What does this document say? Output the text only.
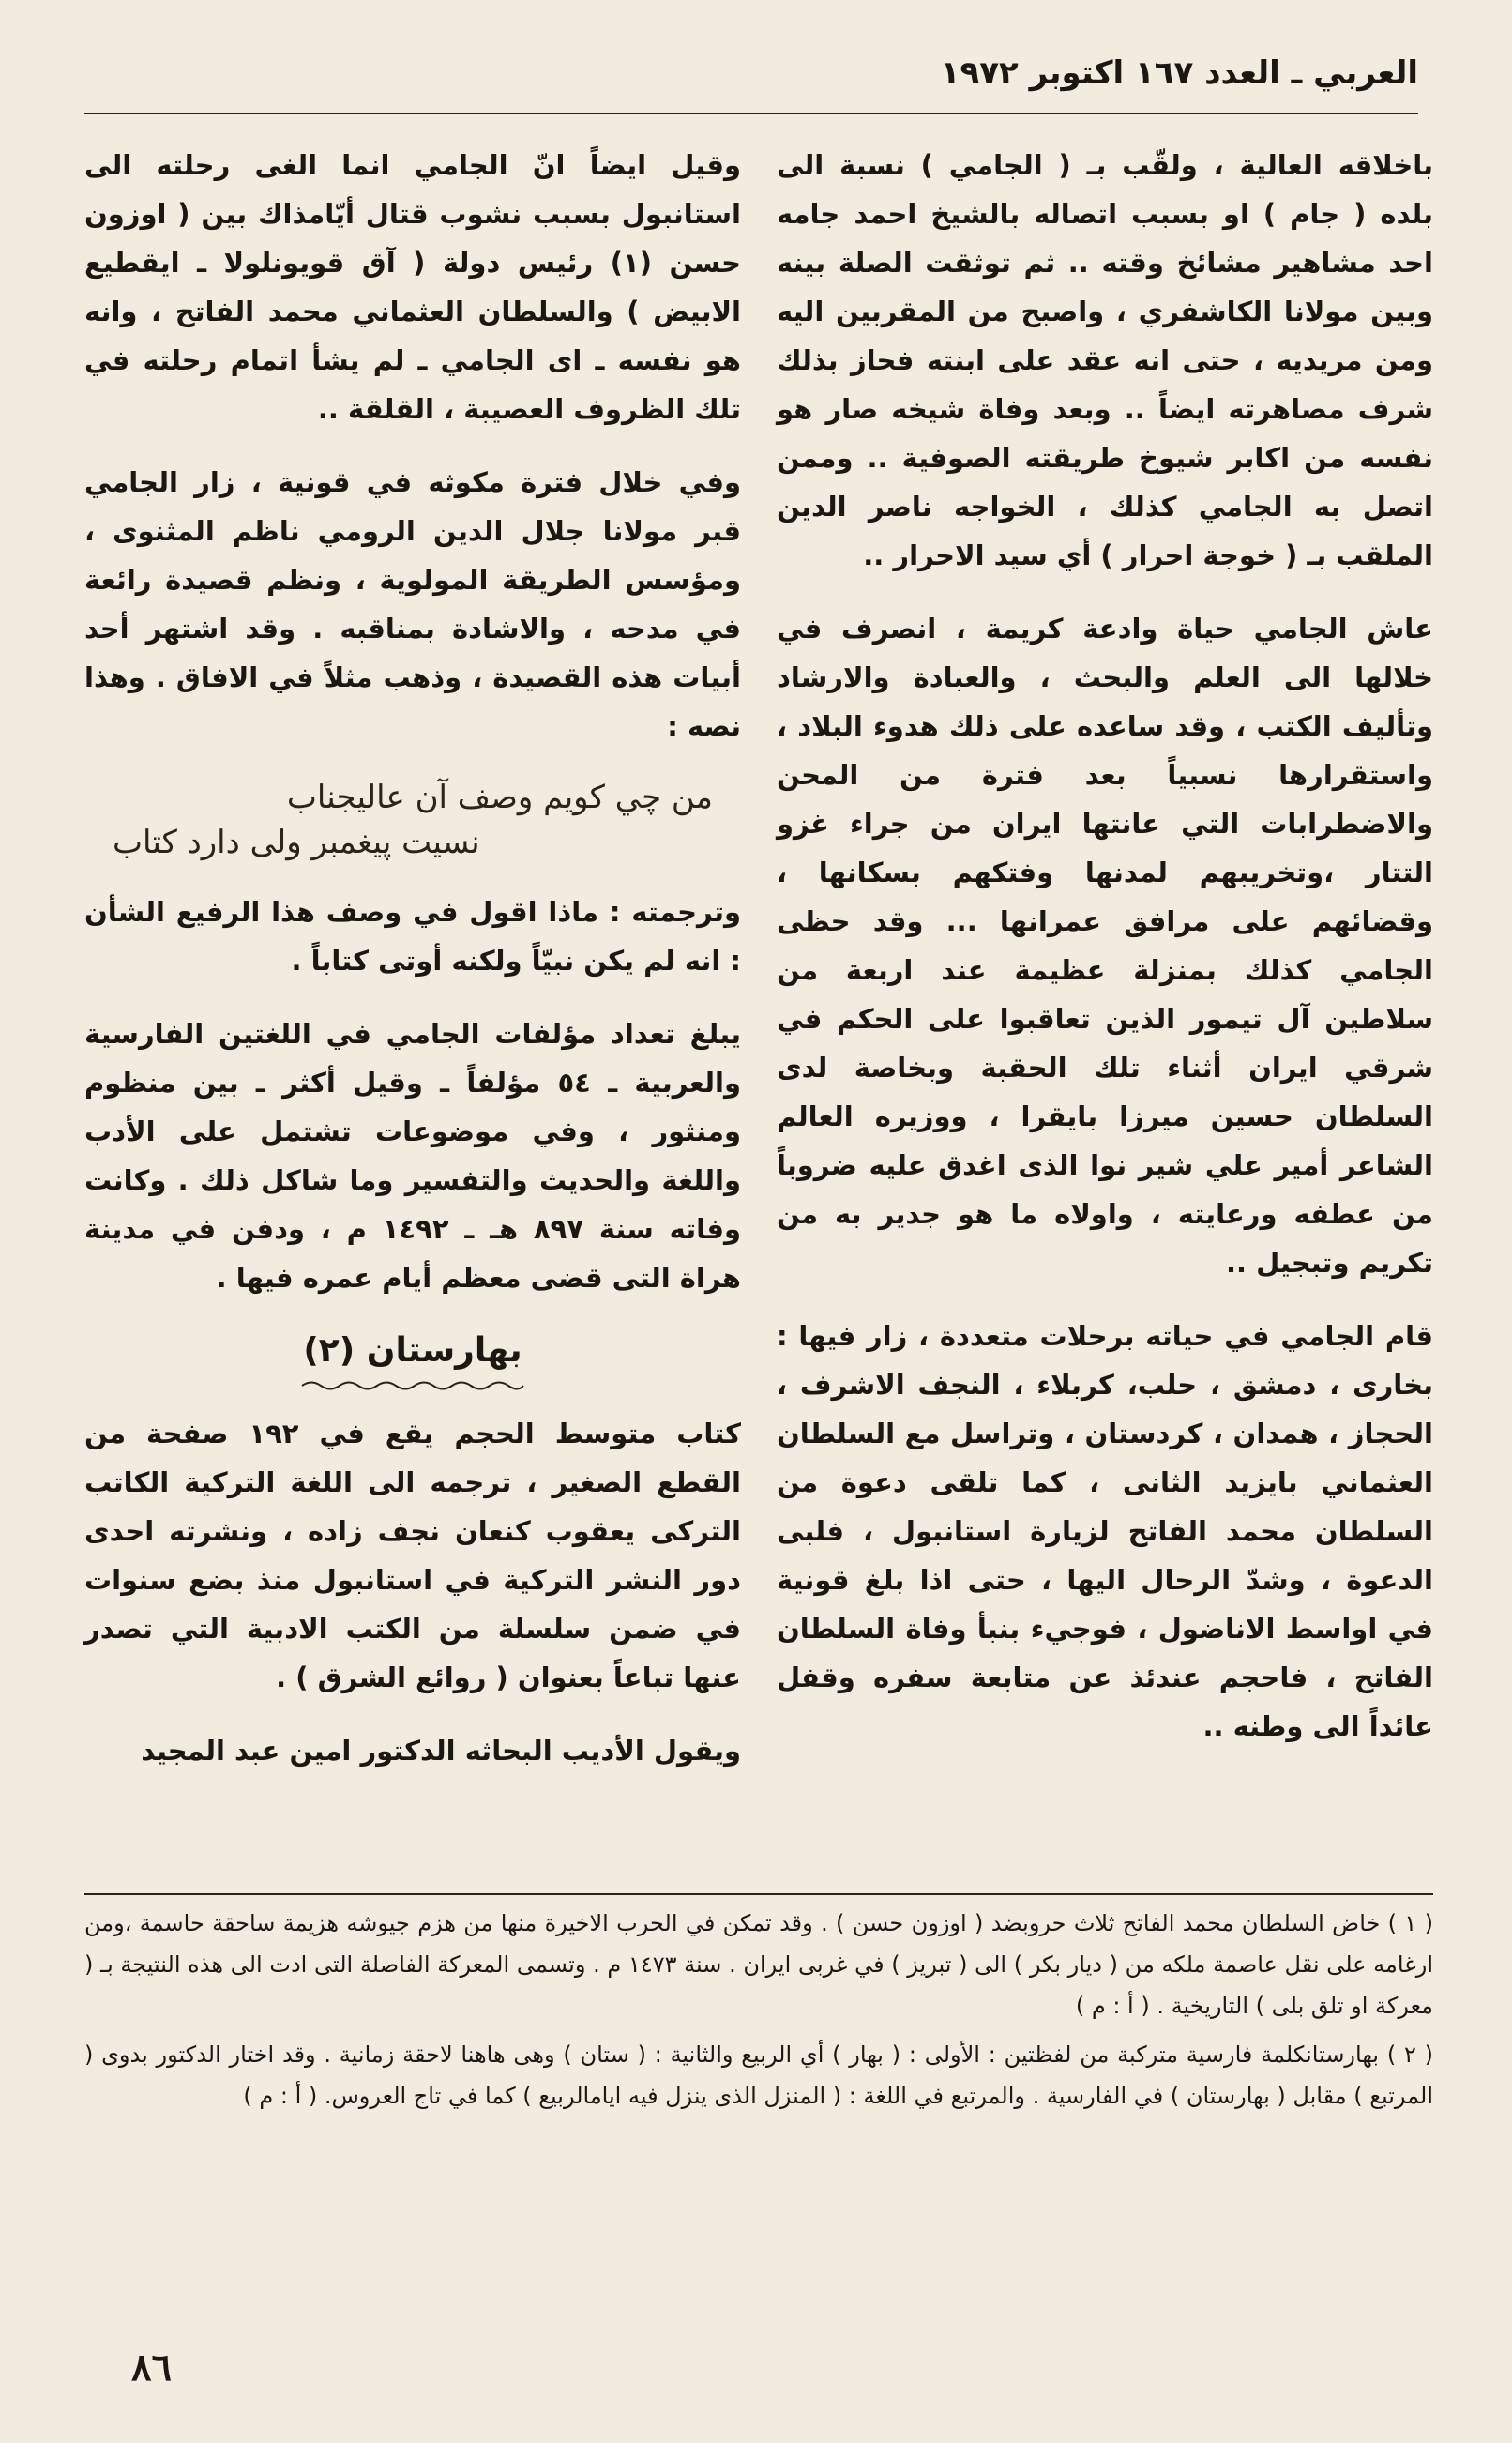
العربي ـ العدد ١٦٧ اكتوبر ١٩٧٢

باخلاقه العالية ، ولقّب بـ ( الجامي ) نسبة الى بلده ( جام ) او بسبب اتصاله بالشيخ احمد جامه احد مشاهير مشائخ وقته .. ثم توثقت الصلة بينه وبين مولانا الكاشفري ، واصبح من المقربين اليه ومن مريديه ، حتى انه عقد على ابنته فحاز بذلك شرف مصاهرته ايضاً .. وبعد وفاة شيخه صار هو نفسه من اكابر شيوخ طريقته الصوفية .. وممن اتصل به الجامي كذلك ، الخواجه ناصر الدين الملقب بـ ( خوجة احرار ) أي سيد الاحرار ..

عاش الجامي حياة وادعة كريمة ، انصرف في خلالها الى العلم والبحث ، والعبادة والارشاد وتأليف الكتب ، وقد ساعده على ذلك هدوء البلاد ، واستقرارها نسبياً بعد فترة من المحن والاضطرابات التي عانتها ايران من جراء غزو التتار ،وتخريبهم لمدنها وفتكهم بسكانها ، وقضائهم على مرافق عمرانها ... وقد حظى الجامي كذلك بمنزلة عظيمة عند اربعة من سلاطين آل تيمور الذين تعاقبوا على الحكم في شرقي ايران أثناء تلك الحقبة وبخاصة لدى السلطان حسين ميرزا بايقرا ، ووزيره العالم الشاعر أمير علي شير نوا الذى اغدق عليه ضروباً من عطفه ورعايته ، واولاه ما هو جدير به من تكريم وتبجيل ..

قام الجامي في حياته برحلات متعددة ، زار فيها : بخارى ، دمشق ، حلب، كربلاء ، النجف الاشرف ، الحجاز ، همدان ، كردستان ، وتراسل مع السلطان العثماني بايزيد الثانى ، كما تلقى دعوة من السلطان محمد الفاتح لزيارة استانبول ، فلبى الدعوة ، وشدّ الرحال اليها ، حتى اذا بلغ قونية في اواسط الاناضول ، فوجيء بنبأ وفاة السلطان الفاتح ، فاحجم عندئذ عن متابعة سفره وقفل عائداً الى وطنه ..

وقيل ايضاً انّ الجامي انما الغى رحلته الى استانبول بسبب نشوب قتال أيّامذاك بين ( اوزون حسن (١) رئيس دولة ( آق قويونلولا ـ ايقطيع الابيض ) والسلطان العثماني محمد الفاتح ، وانه هو نفسه ـ اى الجامي ـ لم يشأ اتمام رحلته في تلك الظروف العصيبة ، القلقة ..

وفي خلال فترة مكوثه في قونية ، زار الجامي قبر مولانا جلال الدين الرومي ناظم المثنوى ، ومؤسس الطريقة المولوية ، ونظم قصيدة رائعة في مدحه ، والاشادة بمناقبه . وقد اشتهر أحد أبيات هذه القصيدة ، وذهب مثلاً في الافاق . وهذا نصه :

من چي كويم وصف آن عاليجناب
نسيت پيغمبر ولى دارد كتاب

وترجمته : ماذا اقول في وصف هذا الرفيع الشأن : انه لم يكن نبيّاً ولكنه أوتى كتاباً .

يبلغ تعداد مؤلفات الجامي في اللغتين الفارسية والعربية ـ ٥٤ مؤلفاً ـ وقيل أكثر ـ بين منظوم ومنثور ، وفي موضوعات تشتمل على الأدب واللغة والحديث والتفسير وما شاكل ذلك . وكانت وفاته سنة ٨٩٧ هـ ـ ١٤٩٢ م ، ودفن في مدينة هراة التى قضى معظم أيام عمره فيها .

بهارستان (٢)

كتاب متوسط الحجم يقع في ١٩٢ صفحة من القطع الصغير ، ترجمه الى اللغة التركية الكاتب التركى يعقوب كنعان نجف زاده ، ونشرته احدى دور النشر التركية في استانبول منذ بضع سنوات في ضمن سلسلة من الكتب الادبية التي تصدر عنها تباعاً بعنوان ( روائع الشرق ) .

ويقول الأديب البحاثه الدكتور امين عبد المجيد

( ١ ) خاض السلطان محمد الفاتح ثلاث حروبضد ( اوزون حسن ) . وقد تمكن في الحرب الاخيرة منها من هزم جيوشه هزيمة ساحقة حاسمة ،ومن ارغامه على نقل عاصمة ملكه من ( ديار بكر ) الى ( تبريز ) في غربى ايران . سنة ١٤٧٣ م . وتسمى المعركة الفاصلة التى ادت الى هذه النتيجة بـ ( معركة او تلق بلى ) التاريخية . ( أ : م )

( ٢ ) بهارستانكلمة فارسية متركبة من لفظتين : الأولى : ( بهار ) أي الربيع والثانية : ( ستان ) وهى هاهنا لاحقة زمانية . وقد اختار الدكتور بدوى ( المرتبع ) مقابل ( بهارستان ) في الفارسية . والمرتبع في اللغة : ( المنزل الذى ينزل فيه ايامالربيع ) كما في تاج العروس. ( أ : م )

٨٦
